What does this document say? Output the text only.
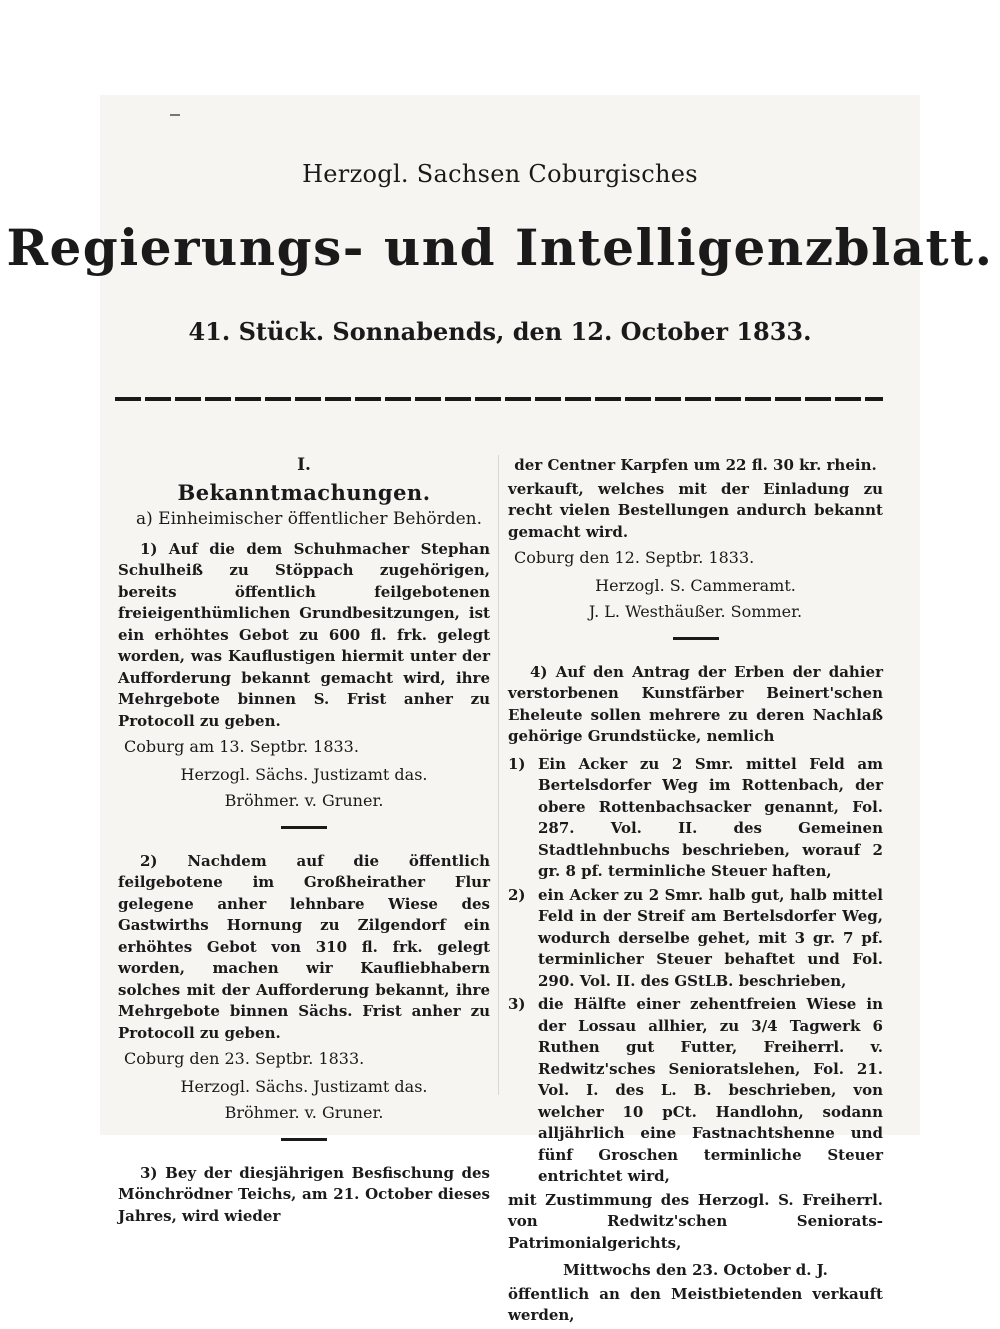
Herzogl. Sachsen Coburgisches
Regierungs- und Intelligenzblatt.
41. Stück. Sonnabends, den 12. October 1833.
I.
Bekanntmachungen.
a) Einheimischer öffentlicher Behörden.

1) Auf die dem Schuhmacher Stephan Schulheiß zu Stöppach zugehörigen, bereits öffentlich feilgebotenen freieigenthümlichen Grundbesitzungen, ist ein erhöhtes Gebot zu 600 fl. frk. gelegt worden, was Kauflustigen hiermit unter der Aufforderung bekannt gemacht wird, ihre Mehrgebote binnen S. Frist anher zu Protocoll zu geben.

Coburg am 13. Septbr. 1833.
Herzogl. Sächs. Justizamt das.
Bröhmer. v. Gruner.

2) Nachdem auf die öffentlich feilgebotene im Großheirather Flur gelegene anher lehnbare Wiese des Gastwirths Hornung zu Zilgendorf ein erhöhtes Gebot von 310 fl. frk. gelegt worden, machen wir Kaufliebhabern solches mit der Aufforderung bekannt, ihre Mehrgebote binnen Sächs. Frist anher zu Protocoll zu geben.

Coburg den 23. Septbr. 1833.
Herzogl. Sächs. Justizamt das.
Bröhmer. v. Gruner.

3) Bey der diesjährigen Besfischung des Mönchrödner Teichs, am 21. October dieses Jahres, wird wieder

der Centner Karpfen um 22 fl. 30 kr. rhein.

verkauft, welches mit der Einladung zu recht vielen Bestellungen andurch bekannt gemacht wird.

Coburg den 12. Septbr. 1833.
Herzogl. S. Cammeramt.
J. L. Westhäußer. Sommer.

4) Auf den Antrag der Erben der dahier verstorbenen Kunstfärber Beinert'schen Eheleute sollen mehrere zu deren Nachlaß gehörige Grundstücke, nemlich

1) Ein Acker zu 2 Smr. mittel Feld am Bertelsdorfer Weg im Rottenbach, der obere Rottenbachsacker genannt, Fol. 287. Vol. II. des Gemeinen Stadtlehnbuchs beschrieben, worauf 2 gr. 8 pf. terminliche Steuer haften,
2) ein Acker zu 2 Smr. halb gut, halb mittel Feld in der Streif am Bertelsdorfer Weg, wodurch derselbe gehet, mit 3 gr. 7 pf. terminlicher Steuer behaftet und Fol. 290. Vol. II. des GStLB. beschrieben,
3) die Hälfte einer zehentfreien Wiese in der Lossau allhier, zu 3/4 Tagwerk 6 Ruthen gut Futter, Freiherrl. v. Redwitz'sches Senioratslehen, Fol. 21. Vol. I. des L. B. beschrieben, von welcher 10 pCt. Handlohn, sodann alljährlich eine Fastnachtshenne und fünf Groschen terminliche Steuer entrichtet wird,
mit Zustimmung des Herzogl. S. Freiherrl. von Redwitz'schen Seniorats-Patrimonialgerichts,
Mittwochs den 23. October d. J.
öffentlich an den Meistbietenden verkauft werden,
